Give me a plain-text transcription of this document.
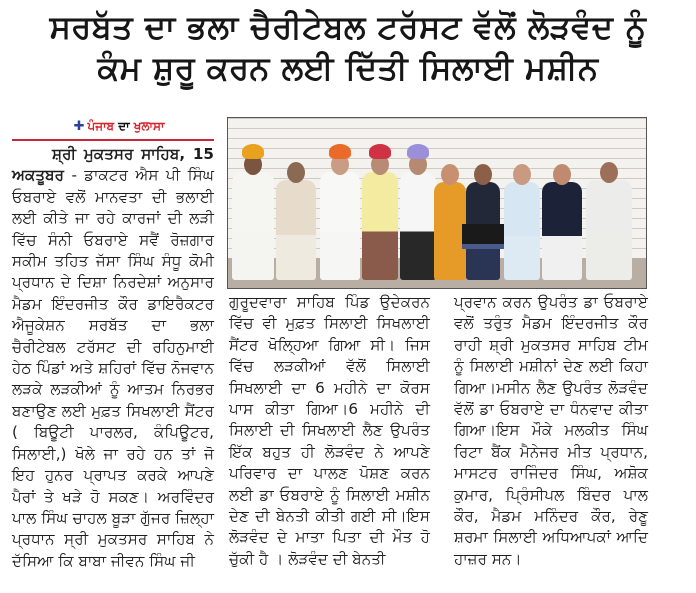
ਸਰਬੱਤ ਦਾ ਭਲਾ ਚੈਰੀਟੇਬਲ ਟਰੱਸਟ ਵੱਲੋਂ ਲੋੜਵੰਦ ਨੂੰ
ਕੰਮ ਸ਼ੁਰੂ ਕਰਨ ਲਈ ਦਿੱਤੀ ਸਿਲਾਈ ਮਸ਼ੀਨ
✚ ਪੰਜਾਬ ਦਾ ਖੁਲਾਸਾ

ਸ਼੍ਰੀ ਮੁਕਤਸਰ ਸਾਹਿਬ, 15 ਅਕਤੂਬਰ - ਡਾਕਟਰ ਐਸ ਪੀ ਸਿੰਘ ਓਬਰਾਏ ਵਲੋਂ ਮਾਨਵਤਾ ਦੀ ਭਲਾਈ ਲਈ ਕੀਤੇ ਜਾ ਰਹੇ ਕਾਰਜਾਂ ਦੀ ਲੜੀ ਵਿੱਚ ਸੰਨੀ ਓਬਰਾਏ ਸਵੈਂ ਰੋਜ਼ਗਾਰ ਸਕੀਮ ਤਹਿਤ ਜੱਸਾ ਸਿੰਘ ਸੰਧੂ ਕੋਮੀ ਪ੍ਰਧਾਨ ਦੇ ਦਿਸ਼ਾ ਨਿਰਦੇਸ਼ਾਂ ਅਨੁਸਾਰ ਮੈਡਮ ਇੰਦਰਜੀਤ ਕੌਰ ਡਾਇਰੈਕਟਰ ਐਜੂਕੇਸ਼ਨ ਸਰਬੱਤ ਦਾ ਭਲਾ ਚੈਰੀਟੇਬਲ ਟਰੱਸਟ ਦੀ ਰਹਿਨੁਮਾਈ ਹੇਠ ਪਿੰਡਾਂ ਅਤੇ ਸ਼ਹਿਰਾਂ ਵਿੱਚ ਨੋਜਵਾਨ ਲੜਕੇ ਲੜਕੀਆਂ ਨੂੰ ਆਤਮ ਨਿਰਭਰ ਬਣਾਉਣ ਲਈ ਮੁਫ਼ਤ ਸਿਖਲਾਈ ਸੈਂਟਰ ( ਬਿਊਟੀ ਪਾਰਲਰ, ਕੰਪਿਊਟਰ, ਸਿਲਾਈ,) ਖੋਲੇ ਜਾ ਰਹੇ ਹਨ ਤਾਂ ਜੋ ਇਹ ਹੁਨਰ ਪ੍ਰਾਪਤ ਕਰਕੇ ਆਪਣੇ ਪੈਰਾਂ ਤੇ ਖੜੇ ਹੋ ਸਕਣ। ਅਰਵਿੰਦਰ ਪਾਲ ਸਿੰਘ ਚਾਹਲ ਬੂੜਾ ਗੁੱਜਰ ਜ਼ਿਲ੍ਹਾ ਪ੍ਰਧਾਨ ਸ੍ਰੀ ਮੁਕਤਸਰ ਸਾਹਿਬ ਨੇ ਦੱਸਿਆ ਕਿ ਬਾਬਾ ਜੀਵਨ ਸਿੰਘ ਜੀ

ਗੁਰੂਦਵਾਰਾ ਸਾਹਿਬ ਪਿੰਡ ਉਦੇਕਰਨ ਵਿੱਚ ਵੀ ਮੁਫ਼ਤ ਸਿਲਾਈ ਸਿਖਲਾਈ ਸੈਂਟਰ ਖੋਲ੍ਹਿਆ ਗਿਆ ਸੀ। ਜਿਸ ਵਿੱਚ ਲੜਕੀਆਂ ਵੱਲੋਂ ਸਿਲਾਈ ਸਿਖਲਾਈ ਦਾ 6 ਮਹੀਨੇ ਦਾ ਕੋਰਸ ਪਾਸ ਕੀਤਾ ਗਿਆ।6 ਮਹੀਨੇ ਦੀ ਸਿਲਾਈ ਦੀ ਸਿਖਲਾਈ ਲੈਣ ਉਪਰੰਤ ਇੱਕ ਬਹੁਤ ਹੀ ਲੋੜਵੰਦ ਨੇ ਆਪਣੇ ਪਰਿਵਾਰ ਦਾ ਪਾਲਣ ਪੋਸ਼ਣ ਕਰਨ ਲਈ ਡਾ ਓਬਰਾਏ ਨੂੰ ਸਿਲਾਈ ਮਸ਼ੀਨ ਦੇਣ ਦੀ ਬੇਨਤੀ ਕੀਤੀ ਗਈ ਸੀ।ਇਸ ਲੋੜਵੰਦ ਦੇ ਮਾਤਾ ਪਿਤਾ ਦੀ ਮੌਤ ਹੋ ਚੁੱਕੀ ਹੈ । ਲੋੜਵੰਦ ਦੀ ਬੇਨਤੀ

ਪ੍ਰਵਾਨ ਕਰਨ ਉਪਰੰਤ ਡਾ ਓਬਰਾਏ ਵਲੋਂ ਤਰੁੰਤ ਮੈਡਮ ਇੰਦਰਜੀਤ ਕੌਰ ਰਾਹੀ ਸ਼੍ਰੀ ਮੁਕਤਸਰ ਸਾਹਿਬ ਟੀਮ ਨੂੰ ਸਿਲਾਈ ਮਸ਼ੀਨਾਂ ਦੇਣ ਲਈ ਕਿਹਾ ਗਿਆ।ਮਸੀਨ ਲੈਣ ਉਪਰੰਤ ਲੋੜਵੰਦ ਵੱਲੋਂ ਡਾ ਓਬਰਾਏ ਦਾ ਧੰਨਵਾਦ ਕੀਤਾ ਗਿਆ।ਇਸ ਮੌਕੇ ਮਲਕੀਤ ਸਿੰਘ ਰਿਟਾ ਬੈਂਕ ਮੈਨੇਜਰ ਮੀਤ ਪ੍ਰਧਾਨ, ਮਾਸਟਰ ਰਾਜਿੰਦਰ ਸਿੰਘ, ਅਸ਼ੋਕ ਕੁਮਾਰ, ਪ੍ਰਿੰਸੀਪਲ ਬਿੰਦਰ ਪਾਲ ਕੌਰ, ਮੈਡਮ ਮਨਿੰਦਰ ਕੌਰ, ਰੇਣੂ ਸ਼ਰਮਾ ਸਿਲਾਈ ਅਧਿਆਪਕਾਂ ਆਦਿ ਹਾਜ਼ਰ ਸਨ।
